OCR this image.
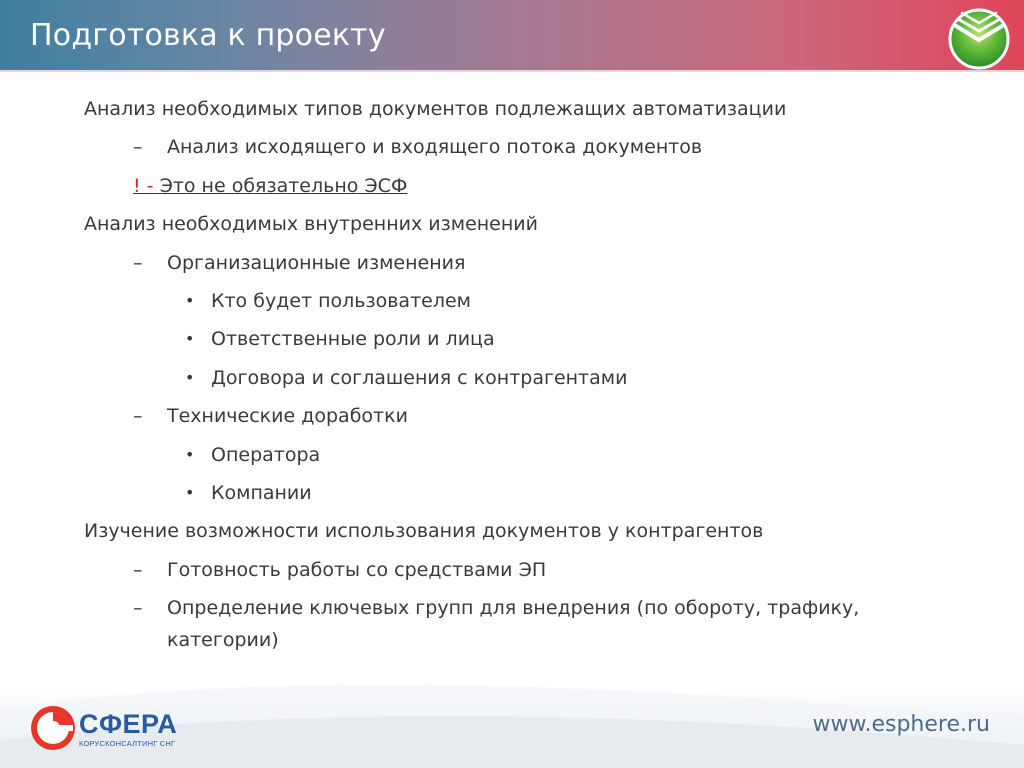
Подготовка к проекту
Анализ необходимых типов документов подлежащих автоматизации
– Анализ исходящего и входящего потока документов
! - Это не обязательно ЭСФ
Анализ необходимых внутренних изменений
– Организационные изменения
• Кто будет пользователем
• Ответственные роли и лица
• Договора и соглашения с контрагентами
– Технические доработки
• Оператора
• Компании
Изучение возможности использования документов у контрагентов
– Готовность работы со средствами ЭП
– Определение ключевых групп для внедрения (по обороту, трафику, категории)
СФЕРА
КОРУСКОНСАЛТИНГ СНГ
www.esphere.ru
